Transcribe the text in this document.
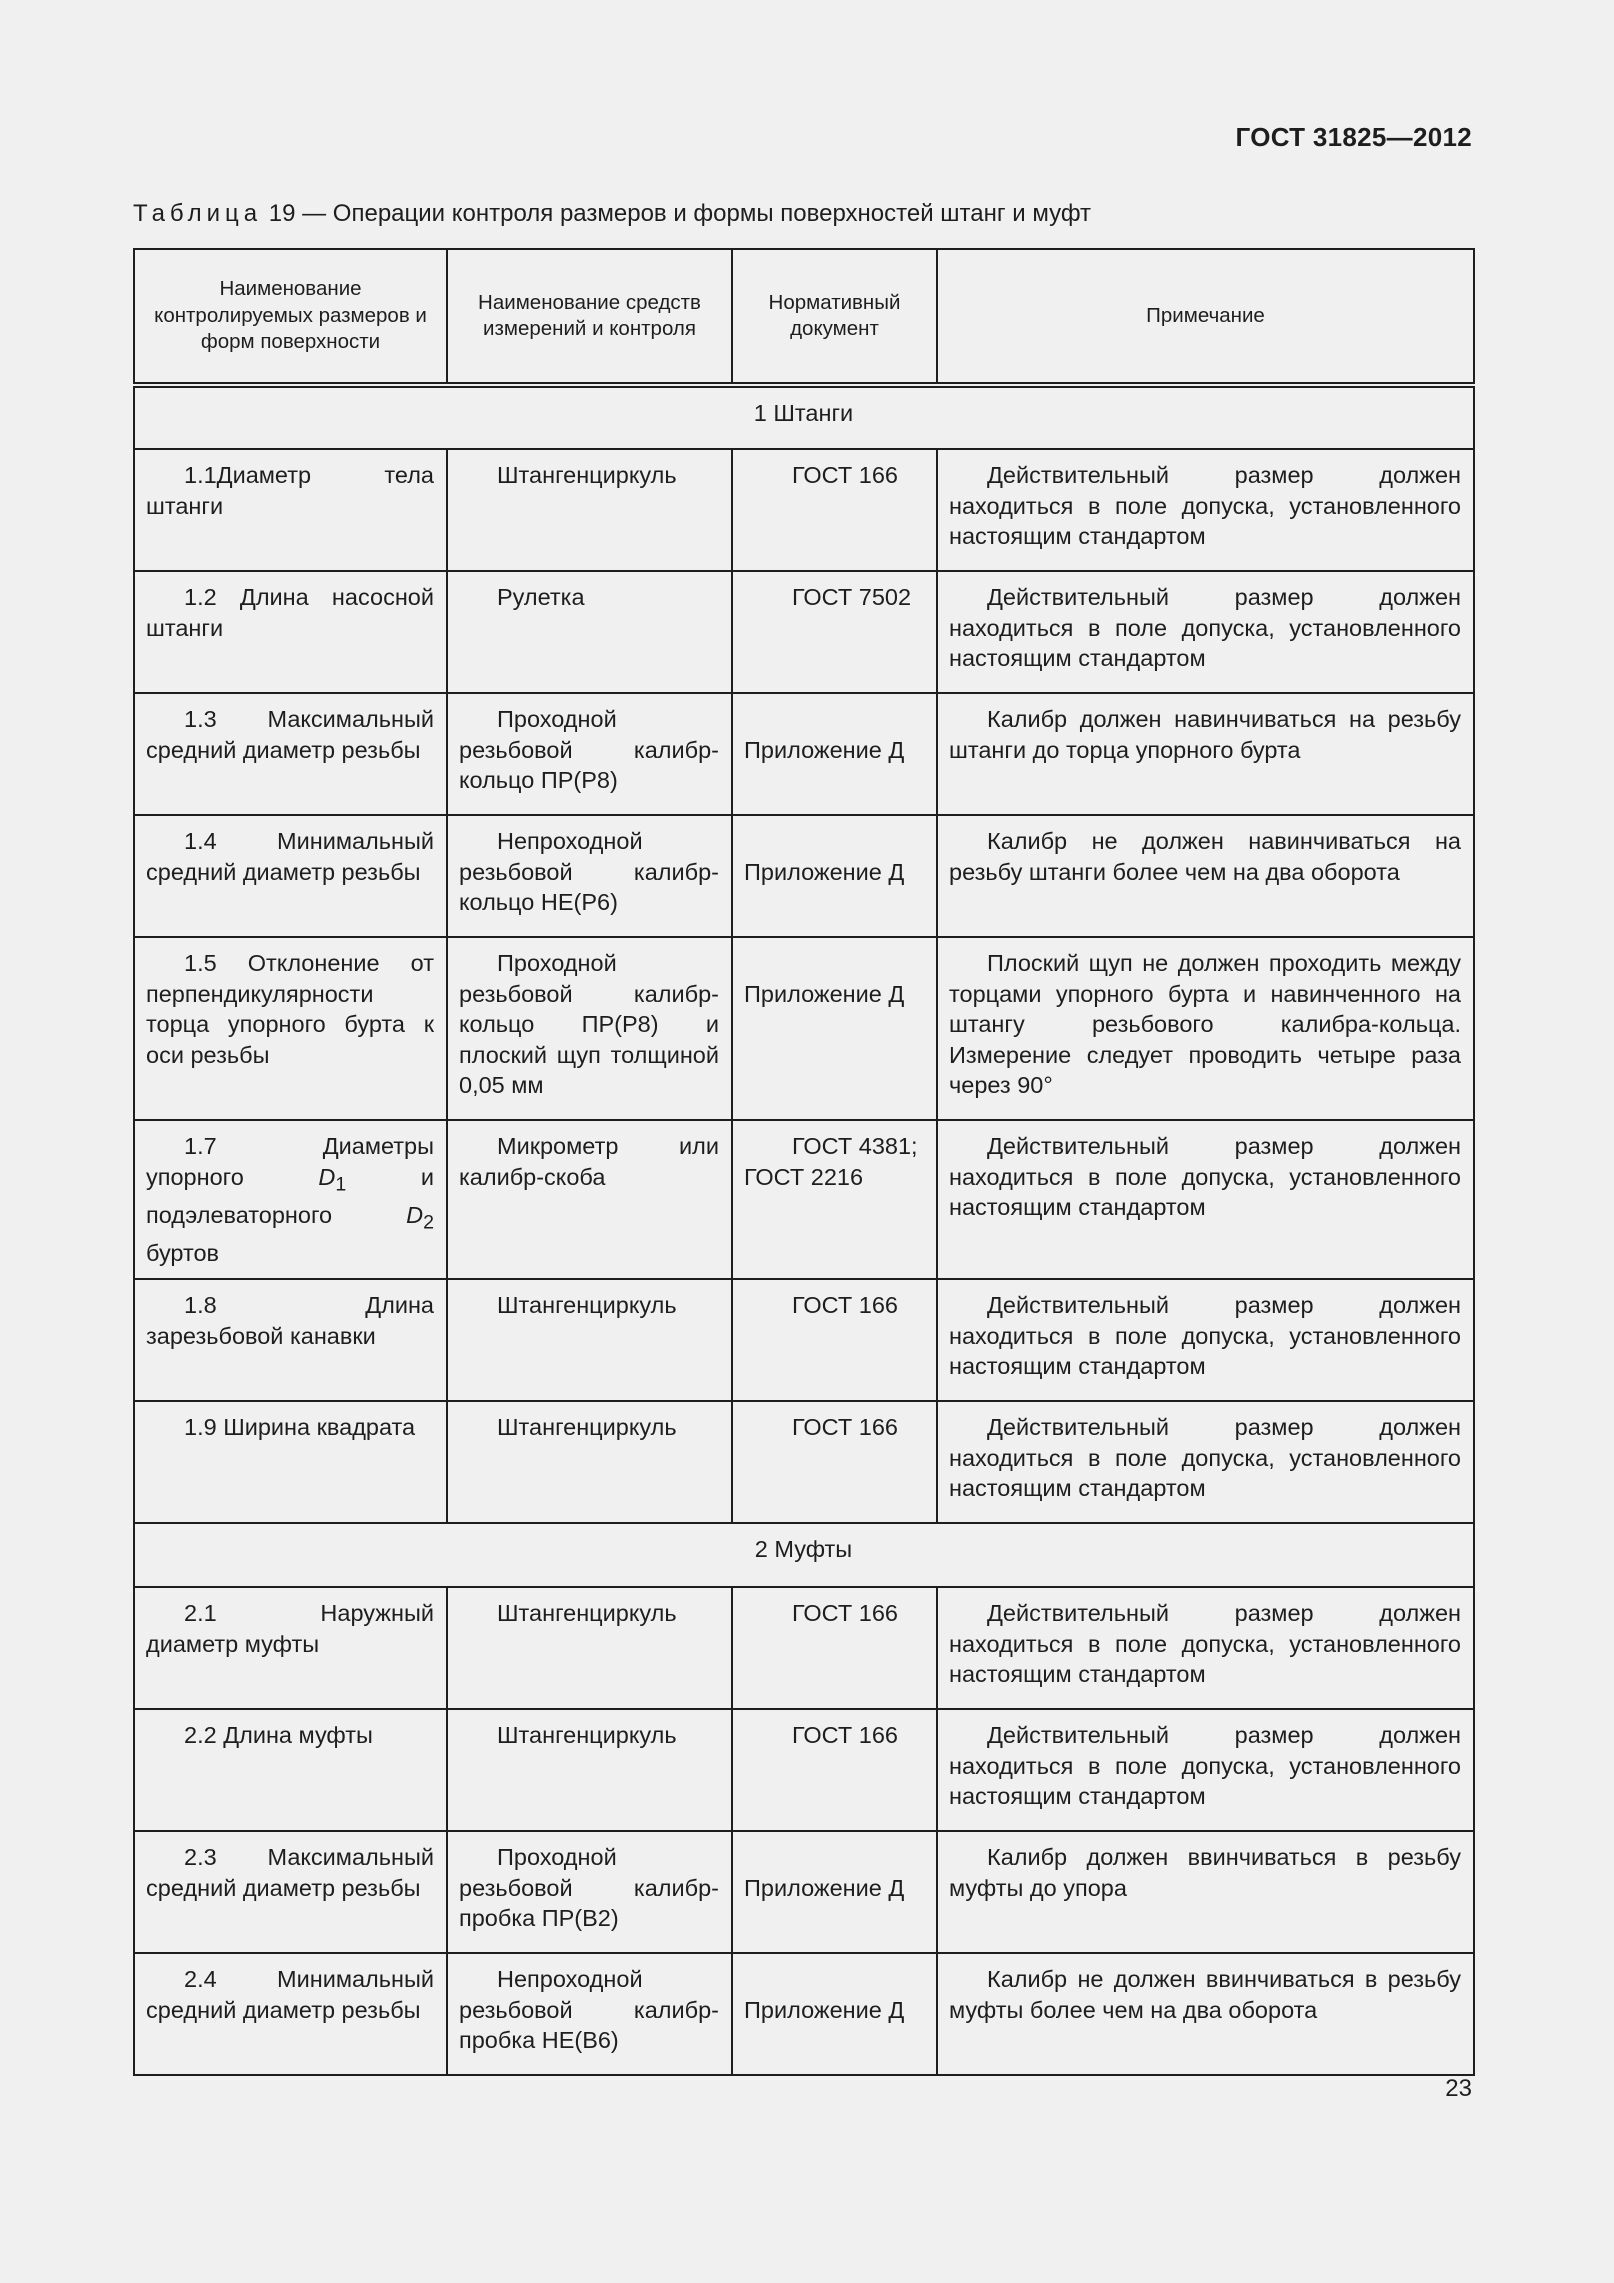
ГОСТ 31825—2012
Таблица 19 — Операции контроля размеров и формы поверхностей штанг и муфт
Наименование контролируемых размеров и форм поверхности	Наименование средств измерений и контроля	Нормативный документ	Примечание
1 Штанги			
1.1Диаметр тела штанги	Штангенциркуль	ГОСТ 166	Действительный размер должен находиться в поле допуска, установленного настоящим стандартом
1.2 Длина насосной штанги	Рулетка	ГОСТ 7502	Действительный размер должен находиться в поле допуска, установленного настоящим стандартом
1.3 Максимальный средний диаметр резьбы	Проходной резьбовой калибр-кольцо ПР(Р8)	Приложение Д	Калибр должен навинчиваться на резьбу штанги до торца упорного бурта
1.4 Минимальный средний диаметр резьбы	Непроходной резьбовой калибр-кольцо НЕ(Р6)	Приложение Д	Калибр не должен навинчиваться на резьбу штанги более чем на два оборота
1.5 Отклонение от перпендикулярности торца упорного бурта к оси резьбы	Проходной резьбовой калибр-кольцо ПР(Р8) и плоский щуп толщиной 0,05 мм	Приложение Д	Плоский щуп не должен проходить между торцами упорного бурта и навинченного на штангу резьбового калибра-кольца. Измерение следует проводить четыре раза через 90°
1.7 Диаметры упорного $D_1$ и подэлеваторного $D_2$ буртов	Микрометр или калибр-скоба	ГОСТ 4381; ГОСТ 2216	Действительный размер должен находиться в поле допуска, установленного настоящим стандартом
1.8 Длина зарезьбовой канавки	Штангенциркуль	ГОСТ 166	Действительный размер должен находиться в поле допуска, установленного настоящим стандартом
1.9 Ширина квадрата	Штангенциркуль	ГОСТ 166	Действительный размер должен находиться в поле допуска, установленного настоящим стандартом
2 Муфты			
2.1 Наружный диаметр муфты	Штангенциркуль	ГОСТ 166	Действительный размер должен находиться в поле допуска, установленного настоящим стандартом
2.2 Длина муфты	Штангенциркуль	ГОСТ 166	Действительный размер должен находиться в поле допуска, установленного настоящим стандартом
2.3 Максимальный средний диаметр резьбы	Проходной резьбовой калибр-пробка ПР(В2)	Приложение Д	Калибр должен ввинчиваться в резьбу муфты до упора
2.4 Минимальный средний диаметр резьбы	Непроходной резьбовой калибр-пробка НЕ(В6)	Приложение Д	Калибр не должен ввинчиваться в резьбу муфты более чем на два оборота
23
